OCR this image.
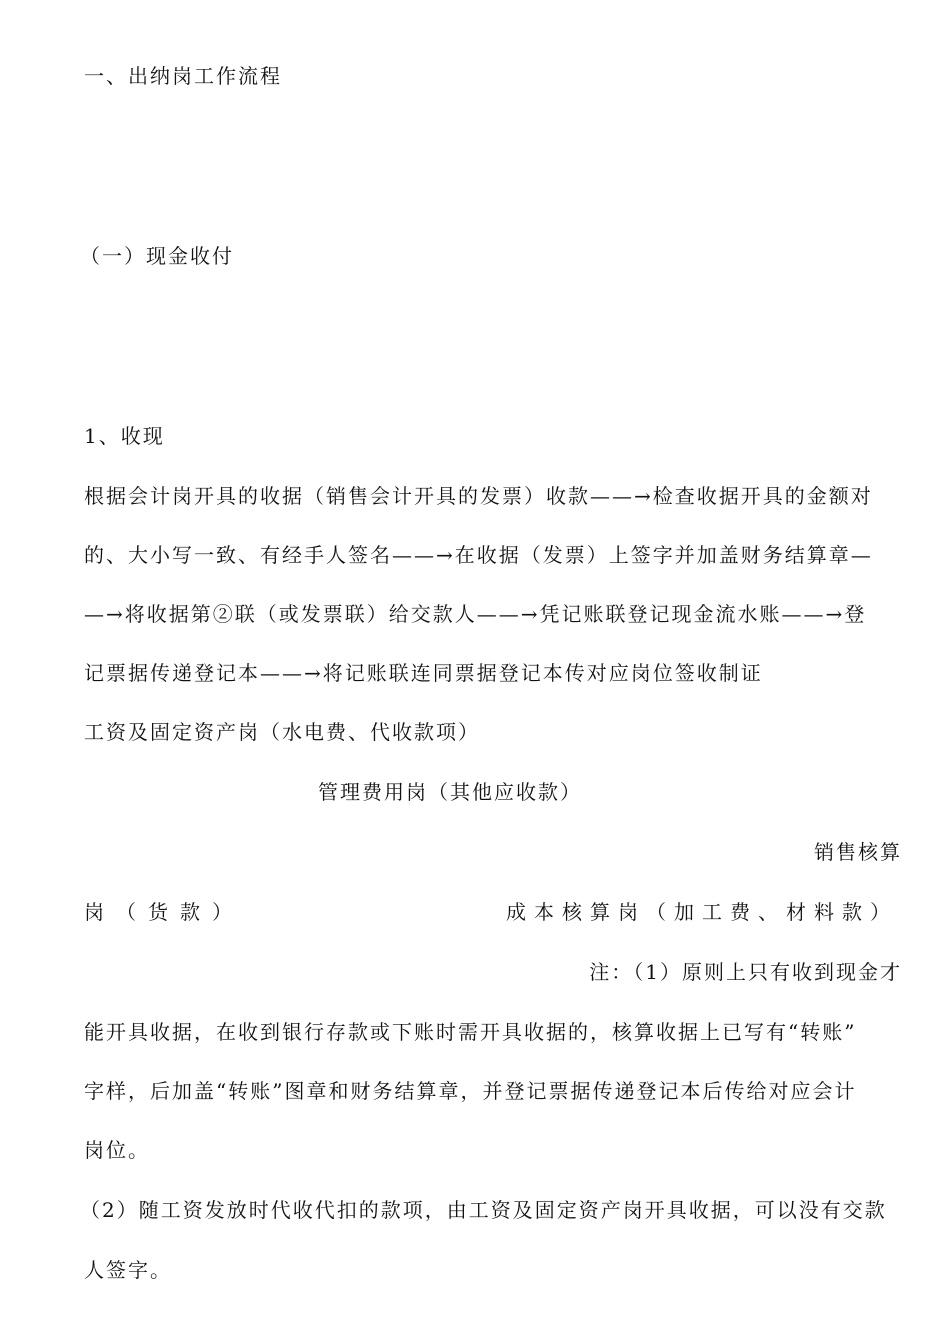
一、出纳岗工作流程
（一）现金收付
1、收现
根据会计岗开具的收据（销售会计开具的发票）收款——→检查收据开具的金额对
的、大小写一致、有经手人签名——→在收据（发票）上签字并加盖财务结算章—
—→将收据第②联（或发票联）给交款人——→凭记账联登记现金流水账——→登
记票据传递登记本——→将记账联连同票据登记本传对应岗位签收制证
工资及固定资产岗（水电费、代收款项）
管理费用岗（其他应收款）
销售核算
岗（货款）	成本核算岗（加工费、材料款）
注：（1）原则上只有收到现金才
能开具收据，在收到银行存款或下账时需开具收据的，核算收据上已写有“转账”
字样，后加盖“转账”图章和财务结算章，并登记票据传递登记本后传给对应会计
岗位。
（2）随工资发放时代收代扣的款项，由工资及固定资产岗开具收据，可以没有交款
人签字。
